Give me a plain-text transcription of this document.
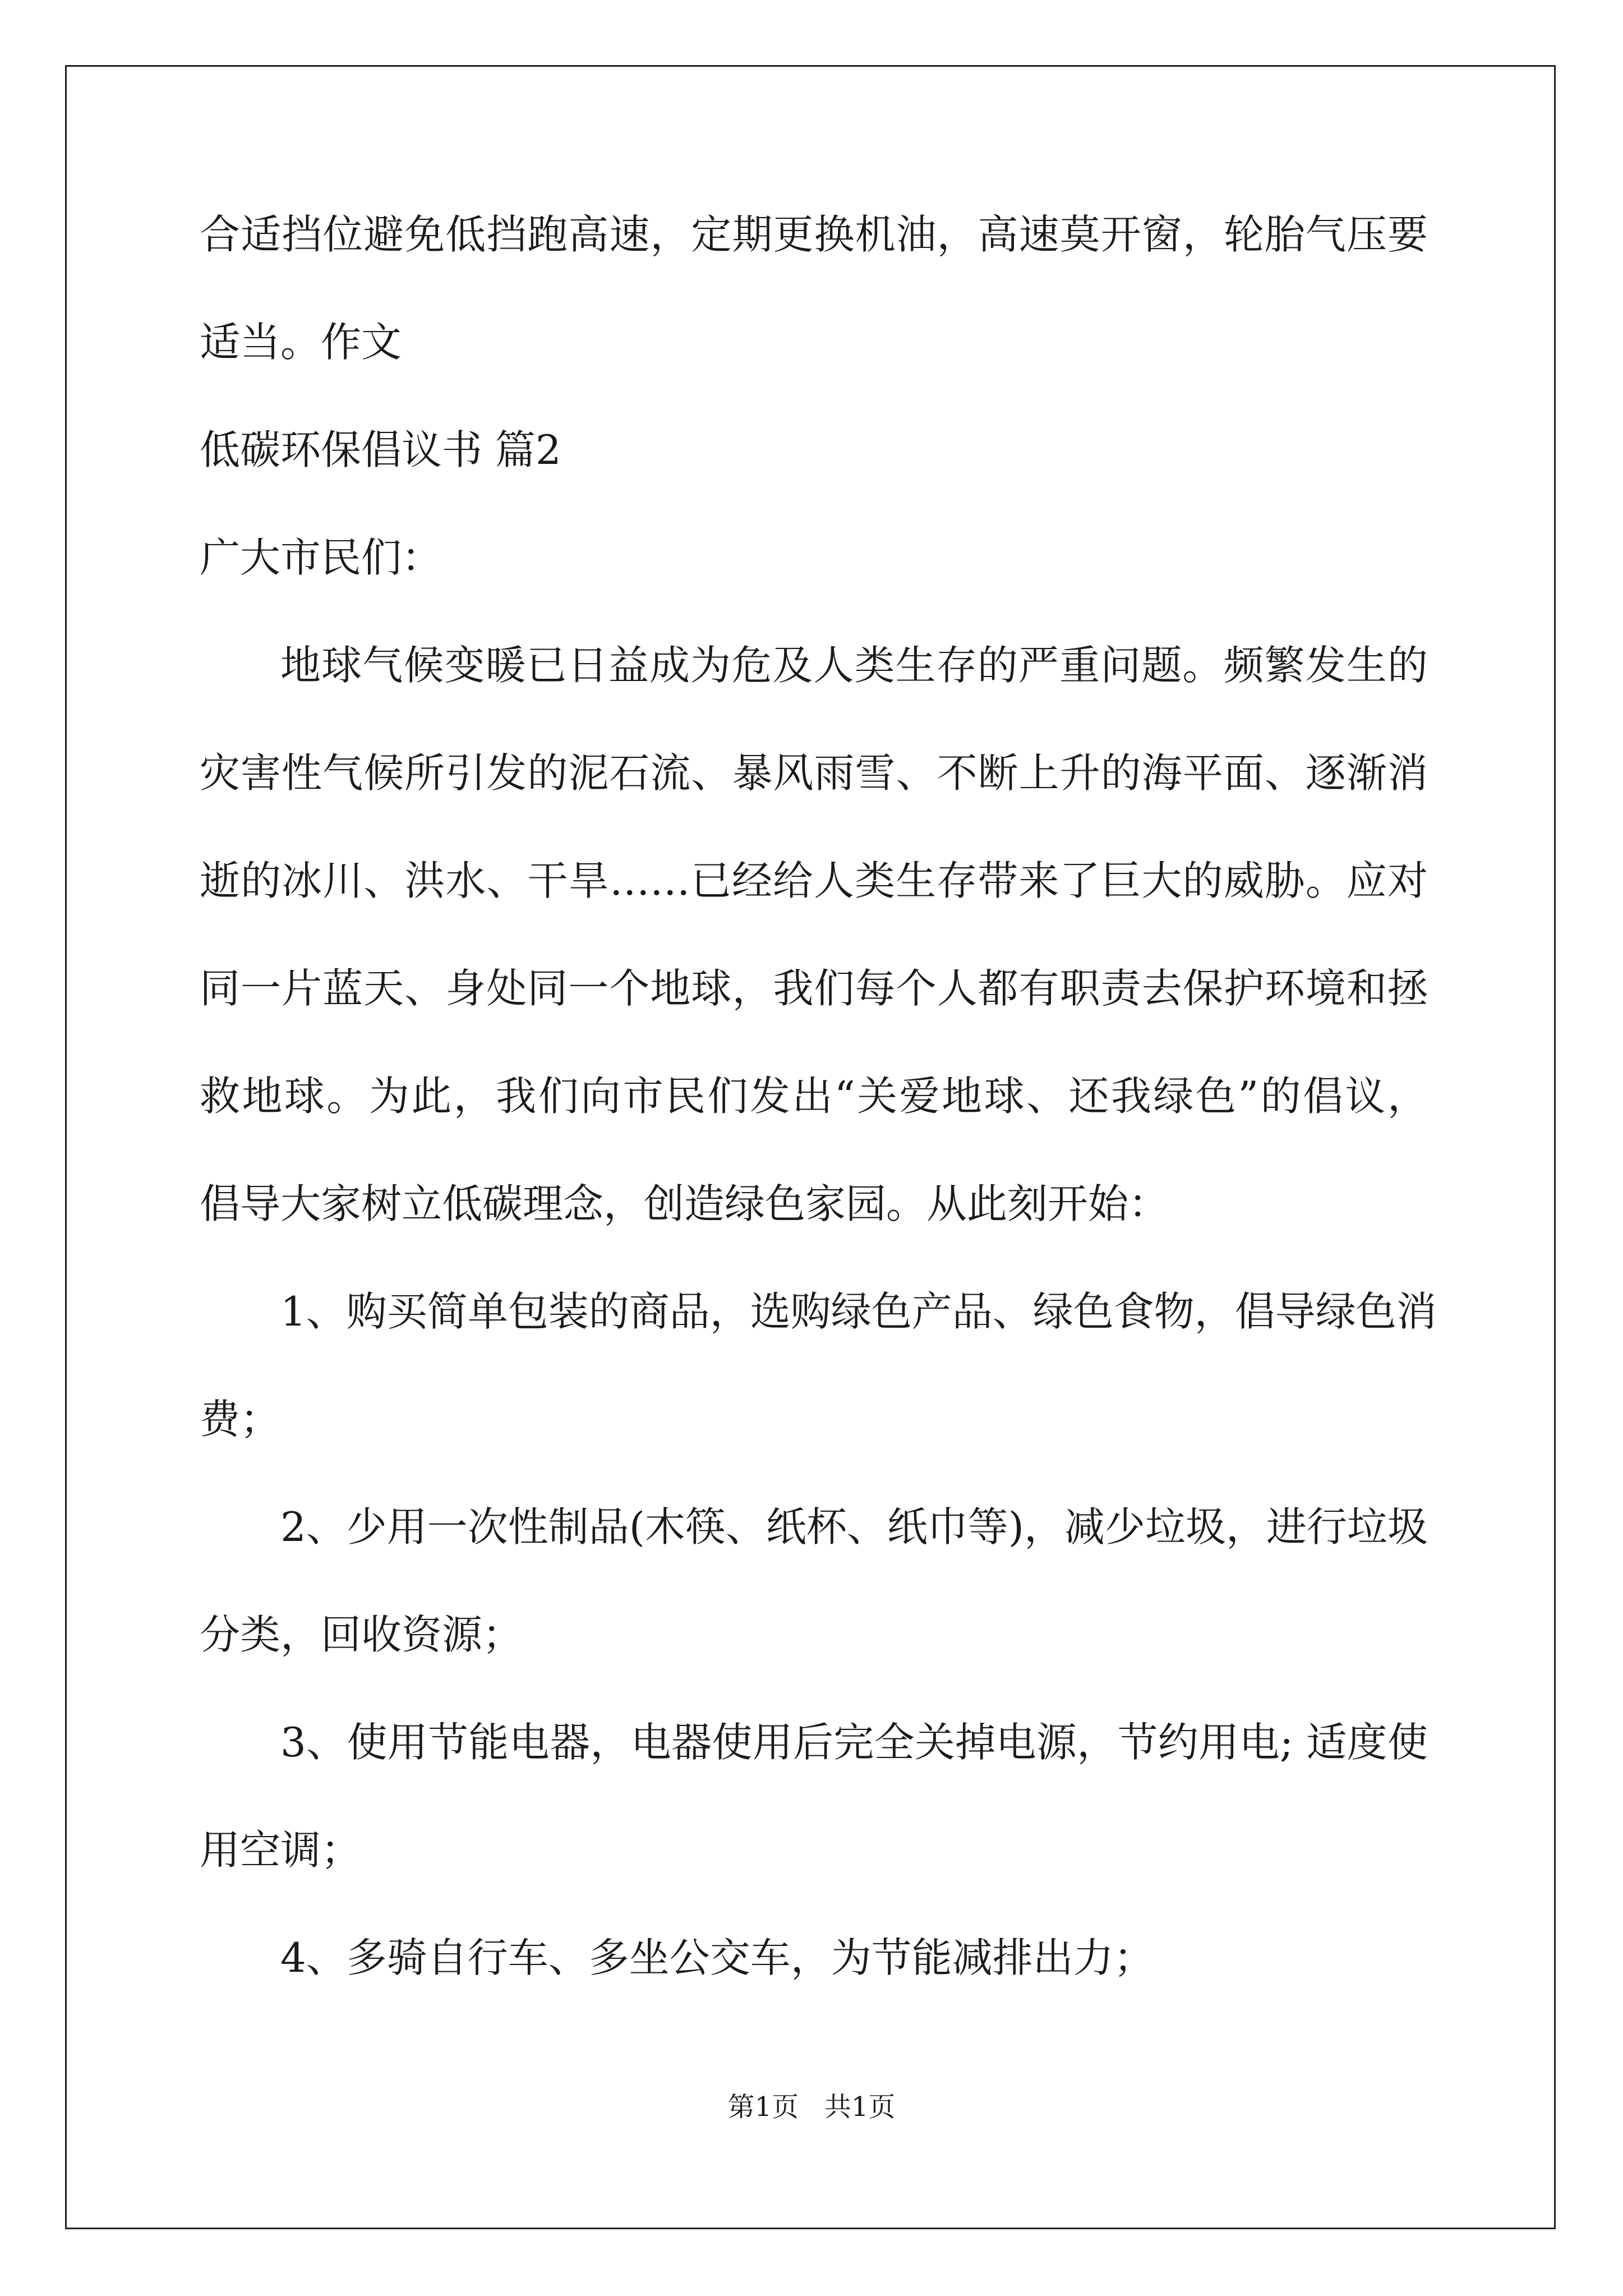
合适挡位避免低挡跑高速，定期更换机油，高速莫开窗，轮胎气压要
适当。作文
低碳环保倡议书 篇2
广大市民们：
地球气候变暖已日益成为危及人类生存的严重问题。频繁发生的
灾害性气候所引发的泥石流、暴风雨雪、不断上升的海平面、逐渐消
逝的冰川、洪水、干旱……已经给人类生存带来了巨大的威胁。应对
同一片蓝天、身处同一个地球，我们每个人都有职责去保护环境和拯
救地球。为此，我们向市民们发出“关爱地球、还我绿色”的倡议，
倡导大家树立低碳理念，创造绿色家园。从此刻开始：
1、购买简单包装的商品，选购绿色产品、绿色食物，倡导绿色消
费；
2、少用一次性制品(木筷、纸杯、纸巾等)，减少垃圾，进行垃圾
分类，回收资源；
3、使用节能电器，电器使用后完全关掉电源，节约用电; 适度使
用空调；
4、多骑自行车、多坐公交车，为节能减排出力；
第1页   共1页
